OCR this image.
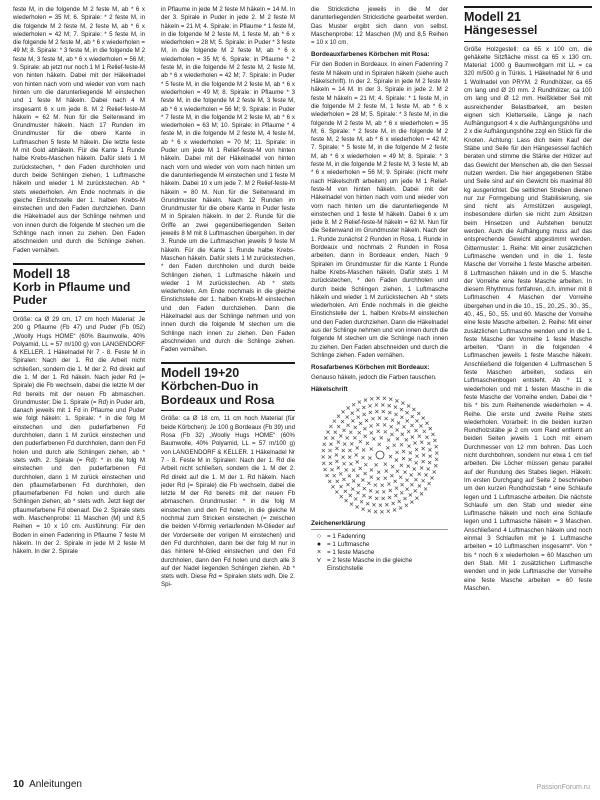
feste M, in die folgende M 2 feste M, ab * 6 x wiederholen = 35 M; 6. Spirale: * 2 feste M, in die folgende M 2 feste M, 2 feste M, ab * 6 x wiederholen = 42 M; 7. Spirale: * 5 feste M, in die folgende M 2 feste M, ab * 6 x wiederholen = 49 M; 8. Spirale: * 3 feste M, in die folgende M 2 feste M, 3 feste M, ab * 6 x wiederholen = 56 M; 9. Spirale: ab jetzt nur noch 1 M 1 Relief-feste-M von hinten häkeln. Dabei mit der Häkelnadel von hinten nach vorn und wieder von vorn nach hinten um die darunterliegende M einstechen und 1 feste M häkeln. Dabei nach 4 M insgesamt 6 x um jede 8. M 2 Relief-feste-M häkeln = 62 M. Nun für die Seitenwand im Grundmuster häkeln. Nach 17 Runden im Grundmuster für die obere Kante in Luftmaschen 5 feste M häkeln. Die letzte feste M mit Gold abhäkeln. Für die Kante 1 Runde halbe Krebs-Maschen häkeln. Dafür stets 1 M zurückstechen, * den Faden durchholen und durch beide Schlingen ziehen, 1 Luftmasche häkeln und wieder 1 M zurückstechen. Ab * stets wiederholen. Am Ende nochmals in die gleiche Einstichstelle der 1. halben Krebs-M einstechen und den Faden durchziehen. Dann die Häkelnadel aus der Schlinge nehmen und von innen durch die folgende M stechen um die Schlinge nach innen zu ziehen. Den Faden abschneiden und durch die Schlinge ziehen. Faden vernähen.

Modell 18
Korb in Pflaume und Puder

Größe: ca Ø 29 cm, 17 cm hoch Material: Je 200 g Pflaume (Fb 47) und Puder (Fb 052) „Woolly Hugs HOME“ (60% Baumwolle, 40% Polyamid, LL = 57 m/100 g) von LANGENDORF & KELLER. 1 Häkelnadel Nr 7 - 8. Feste M in Spiralen: Nach der 1. Rd die Arbeit nicht schließen, sondern die 1. M der 2. Rd direkt auf die 1. M der 1. Rd häkeln. Nach jeder Rd (= Spirale) die Fb wechseln, dabei die letzte M der Rd bereits mit der neuen Fb abmaschen. Grundmuster: Die 1. Spirale (= Rd) in Puder arb, danach jeweils mit 1 Fd in Pflaume und Puder wie folgt häkeln: 1. Spirale: * in die folg M einstechen und den puderfarbenen Fd durchholen, dann 1 M zurück einstechen und den puderfarbenen Fd durchholen, dann den Fd holen und durch alle Schlingen ziehen, ab * stets wdh. 2. Spirale (= Rd): * in die folg M einstechen und den puderfarbenen Fd durchholen, dann 1 M zurück einstechen und den pflaumefarbenen Fd durchholen, den pflaumefarbenen Fd holen und durch alle Schlingen ziehen, ab * stets wdh. Jetzt liegt der pflaumefarbene Fd obenauf. Die 2. Spirale stets wdh. Maschenprobe: 11 Maschen (M) und 8,5 Reihen = 10 x 10 cm. Ausführung: Für den Boden in einen Fadenring in Pflaume 7 feste M häkeln. In der 2. Spirale in jede M 2 feste M häkeln. In der 2. Spirale

in Pflaume in jede M 2 feste M häkeln = 14 M. In der 3. Spirale in Puder in jede 2. M 2 feste M häkeln = 21 M; 4. Spirale: in Pflaume * 1 feste M, in die folgende M 2 feste M, 1 feste M, ab * 6 x wiederholen = 28 M; 5. Spirale: in Puder * 3 feste M, in die folgende M 2 feste M, ab * 6 x wiederholen = 35 M; 6. Spirale: in Pflaume * 2 feste M, in die folgende M 2 feste M, 2 feste M, ab * 6 x wiederholen = 42 M; 7. Spirale: in Puder * 5 feste M, in die folgende M 2 feste M, ab * 6 x wiederholen = 49 M; 8. Spirale: in Pflaume * 3 feste M, in die folgende M 2 feste M, 3 feste M, ab * 6 x wiederholen = 56 M; 9. Spirale: in Puder * 7 feste M, in die folgende M 2 feste M, ab * 6 x wiederholen = 63 M; 10. Spirale: in Pflaume * 4 feste M, in die folgende M 2 feste M, 4 feste M, ab * 6 x wiederholen = 70 M; 11. Spirale: in Puder um jede M 1 Relief-feste-M von hinten häkeln. Dabei mit der Häkelnadel von hinten nach vorn und wieder von vorn nach hinten um die darunterliegende M einstechen und 1 feste M häkeln. Dabei 10 x um jede 7. M 2 Relief-feste-M häkeln = 80 M. Nun für die Seitenwand im Grundmuster häkeln. Nach 12 Runden im Grundmuster für die obere Kante in Puder feste M in Spiralen häkeln. In der 2. Runde für die Griffe an zwei gegenüberliegenden Seiten jeweils 8 M mit 8 Luftmaschen übergehen. In der 3. Runde um die Luftmaschen jeweils 9 feste M häkeln. Für die Kante 1 Runde halbe Krebs-Maschen häkeln. Dafür stets 1 M zurückstechen, * den Faden durchholen und durch beide Schlingen ziehen, 1 Luftmasche häkeln und wieder 1 M zurückstechen. Ab * stets wiederholen. Am Ende nochmals in die gleiche Einstichstelle der 1. halben Krebs-M einstechen und den Faden durchziehen. Dann die Häkelnadel aus der Schlinge nehmen und von innen durch die folgende M stechen um die Schlinge nach innen zu ziehen. Den Faden abschneiden und durch die Schlinge ziehen. Faden vernähen.

Modell 19+20
Körbchen-Duo in Bordeaux und Rosa

Größe: ca Ø 18 cm, 11 cm hoch Material (für beide Körbchen): Je 100 g Bordeaux (Fb 39) und Rosa (Fb 32) „Woolly Hugs HOME“ (60% Baumwolle, 40% Polyamid, LL = 57 m/100 g) von LANGENDORF & KELLER. 1 Häkelnadel Nr 7 - 8. Feste M in Spiralen: Nach der 1. Rd die Arbeit nicht schließen, sondern die 1. M der 2. Rd direkt auf die 1. M der 1. Rd häkeln. Nach jeder Rd (= Spirale) die Fb wechseln, dabei die letzte M der Rd bereits mit der neuen Fb abmaschen. Grundmuster: * in die folg M einstechen und den Fd holen, in die gleiche M nochmal zum Stricken einstechen (= zwischen die beiden V-förmig verlaufenden M-Glieder auf der Vorderseite der vorigen M einstechen) und den Fd durchholen, dann bei der folg M nur in das hintere M-Glied einstechen und den Fd durchholen, dann den Fd holen und durch alle 3 auf der Nadel liegenden Schlingen ziehen. Ab * stets wdh. Diese Rd = Spiralen stets wdh. Die 2. Spi-

die Strickstiche jeweils in die M der darunterliegenden Strickstiche gearbeitet werden. Das Muster ergibt sich dann von selbst. Maschenprobe: 12 Maschen (M) und 8,5 Reihen = 10 x 10 cm.

Bordeauxfarbenes Körbchen mit Rosa:

Für den Boden in Bordeaux. In einen Fadenring 7 feste M häkeln und in Spiralen häkeln (siehe auch Häkelschrift). In der 2. Spirale in jede M 2 feste M häkeln = 14 M. In der 3. Spirale in jede 2. M 2 feste M häkeln = 21 M; 4. Spirale: * 1 feste M, in die folgende M 2 feste M, 1 feste M, ab * 6 x wiederholen = 28 M; 5. Spirale: * 3 feste M, in die folgende M 2 feste M, ab * 6 x wiederholen = 35 M; 6. Spirale: * 2 feste M, in die folgende M 2 feste M, 2 feste M, ab * 6 x wiederholen = 42 M; 7. Spirale: * 5 feste M, in die folgende M 2 feste M, ab * 6 x wiederholen = 49 M; 8. Spirale: * 3 feste M, in die folgende M 2 feste M, 3 feste M, ab * 6 x wiederholen = 56 M; 9. Spirale: (nicht mehr nach Häkelschrift arbeiten) um jede M 1 Relief-feste-M von hinten häkeln. Dabei mit der Häkelnadel von hinten nach vorn und wieder von vorn nach hinten um die darunterliegende M einstechen und 1 feste M häkeln. Dabei 6 x um jede 8. M 2 Relief-feste-M häkeln = 62 M. Nun für die Seitenwand im Grundmuster häkeln. Nach der 1. Runde zunächst 2 Runden in Rosa, 1 Runde in Bordeaux und nochmals 2 Runden in Rosa arbeiten, dann in Bordeaux enden. Nach 9 Spiralen im Grundmuster für die Kante 1 Runde halbe Krebs-Maschen häkeln. Dafür stets 1 M zurückstechen, * den Faden durchholen und durch beide Schlingen ziehen, 1 Luftmasche häkeln und wieder 1 M zurückstechen. Ab * stets wiederholen. Am Ende nochmals in die gleiche Einstichstelle der 1. halben Krebs-M einstechen und den Faden durchziehen. Dann die Häkelnadel aus der Schlinge nehmen und von innen durch die folgende M stechen um die Schlinge nach innen zu ziehen. Den Faden abschneiden und durch die Schlinge ziehen. Faden vernähen.

Rosafarbenes Körbchen mit Bordeaux:

Genauso häkeln, jedoch die Farben tauschen.

Häkelschrift
Zeichenerklärung
○ = 1 Fadenring
● = 1 Luftmasche
× = 1 feste Masche
⋎ = 2 feste Masche in die gleiche Einstichstelle
Modell 21
Hängesessel

Größe Holzgestell: ca 65 x 100 cm, die gehäkelte Sitzfläche misst ca 65 x 130 cm. Material: 1000 g Baumwollgarn mit LL = ca 320 m/500 g in Türkis. 1 Häkelnadel Nr 6 und 1 Wollnadel von PRYM. 2 Rundhölzer, ca 65 cm lang und Ø 20 mm. 2 Rundhölzer, ca 100 cm lang und Ø 12 mm. Heißkleber Seil mit ausreichender Belastbarkeit, am besten eignen sich Kletterseile, Länge je nach Aufhängungsort 4 x die Aufhängungshöhe und 2 x die Aufhängungshöhe zzgl ein Stück für die Knoten. Achtung: Lass dich beim Kauf der Stäbe und Seile für den Hängesessel fachlich beraten und stimme die Stärke der Hölzer auf das Gewicht der Menschen ab, die den Sessel nutzen werden. Die hier angegebenen Stäbe und Seile sind auf ein Gewicht bis maximal 80 kg ausgerichtet. Die seitlichen Streben dienen nur zur Formgebung und Stabilisierung, sie sind nicht als Armstützen ausgelegt, insbesondere dürfen sie nicht zum Absitzen beim Hinsetzen und Aufstehen benutzt werden. Auch die Aufhängung muss auf das entsprechende Gewicht abgestimmt werden. Gittermuster: 1. Reihe: Mit einer zusätzlichen Luftmasche wenden und in die 1. feste Masche der Vorreihe 1 feste Masche arbeiten. 8 Luftmaschen häkeln und in die 5. Masche der Vorreihe eine feste Masche arbeiten. In diesem Rhythmus fortfahren, d.h. immer mit 8 Luftmaschen 4 Maschen der Vorreihe übergehen und in die 10., 15., 20.,25., 30., 35., 40., 45., 50., 55. und 60. Masche der Vorreihe eine feste Masche arbeiten. 2. Reihe: Mit einer zusätzlichen Luftmasche wenden und in die 1. feste Masche der Vorreihe 1 feste Masche arbeiten. *Dann in die folgenden 4 Luftmaschen jeweils 1 feste Masche häkeln. Anschließend die folgenden 4 Luftmaschen 5 feste Maschen arbeiten, sodass ein Luftmaschenbogen entsteht. Ab * 11 x wiederholen und mit 1 festen Masche in die feste Masche der Vorreihe enden. Dabei die * bis * bis zum Reihenende wiederholen = 4. Reihe. Die erste und zweite Reihe stets wiederholen. Vorarbeit: In die beiden kurzen Rundholzstäbe je 2 cm vom Rand entfernt an beiden Seiten jeweils 1 Loch mit einem Durchmesser von 12 mm bohren. Das Loch nicht durchbohren, sondern nur etwa 1 cm tief arbeiten. Die Löcher müssen genau parallel auf der Rundung des Stabes liegen. Häkeln: Im ersten Durchgang auf Seite 2 beschrieben um den kurzen Rundholzstab * eine Schlaufe legen und 1 Luftmasche arbeiten. Die nächste Schlaufe um den Stab und wieder eine Luftmasche häkeln und noch eine Schlaufe legen und 1 Luftmasche häkeln = 3 Maschen. Anschließend 4 Luftmaschen häkeln und noch einmal 3 Schlaufen mit je 1 Luftmasche arbeiten = 10 Luftmaschen insgesamt*. Von * bis * noch 6 x wiederholen = 60 Maschen um den Stab. Mit 1 zusätzlichen Luftmasche wenden und in jede Luftmasche der Vorreihe eine feste Masche arbeiten = 60 feste Maschen.

10 Anleitungen	PassionForum.ru
